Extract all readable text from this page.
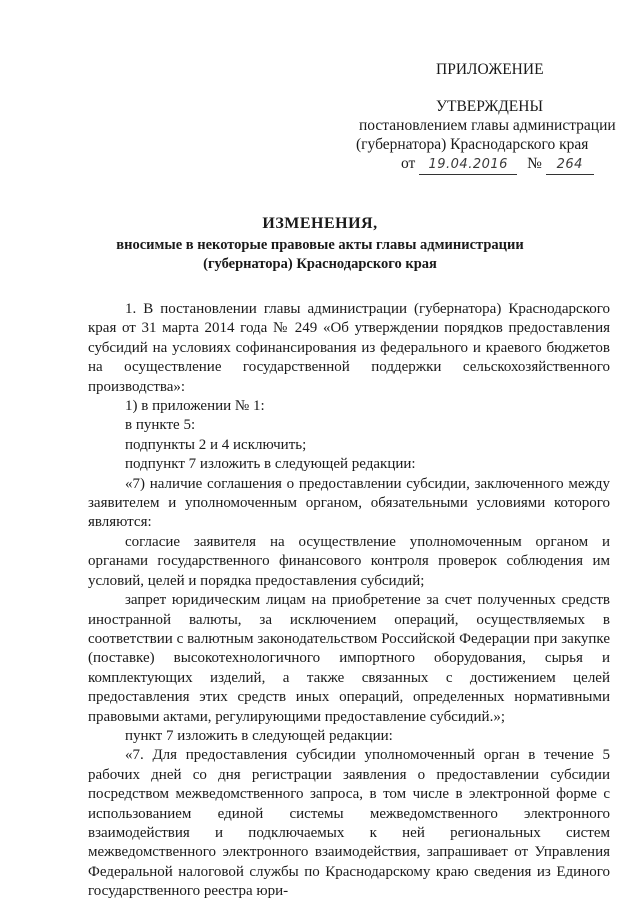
ПРИЛОЖЕНИЕ
УТВЕРЖДЕНЫ
постановлением главы администрации
(губернатора) Краснодарского края
от 19.04.2016 № 264
ИЗМЕНЕНИЯ,
вносимые в некоторые правовые акты главы администрации
(губернатора) Краснодарского края

1. В постановлении главы администрации (губернатора) Краснодарского края от 31 марта 2014 года № 249 «Об утверждении порядков предоставления субсидий на условиях софинансирования из федерального и краевого бюджетов на осуществление государственной поддержки сельскохозяйственного производства»:

1) в приложении № 1:

в пункте 5:

подпункты 2 и 4 исключить;

подпункт 7 изложить в следующей редакции:

«7) наличие соглашения о предоставлении субсидии, заключенного между заявителем и уполномоченным органом, обязательными условиями которого являются:

согласие заявителя на осуществление уполномоченным органом и органами государственного финансового контроля проверок соблюдения им условий, целей и порядка предоставления субсидий;

запрет юридическим лицам на приобретение за счет полученных средств иностранной валюты, за исключением операций, осуществляемых в соответствии с валютным законодательством Российской Федерации при закупке (поставке) высокотехнологичного импортного оборудования, сырья и комплектующих изделий, а также связанных с достижением целей предоставления этих средств иных операций, определенных нормативными правовыми актами, регулирующими предоставление субсидий.»;

пункт 7 изложить в следующей редакции:

«7. Для предоставления субсидии уполномоченный орган в течение 5 рабочих дней со дня регистрации заявления о предоставлении субсидии посредством межведомственного запроса, в том числе в электронной форме с использованием единой системы межведомственного электронного взаимодействия и подключаемых к ней региональных систем межведомственного электронного взаимодействия, запрашивает от Управления Федеральной налоговой службы по Краснодарскому краю сведения из Единого государственного реестра юри-
